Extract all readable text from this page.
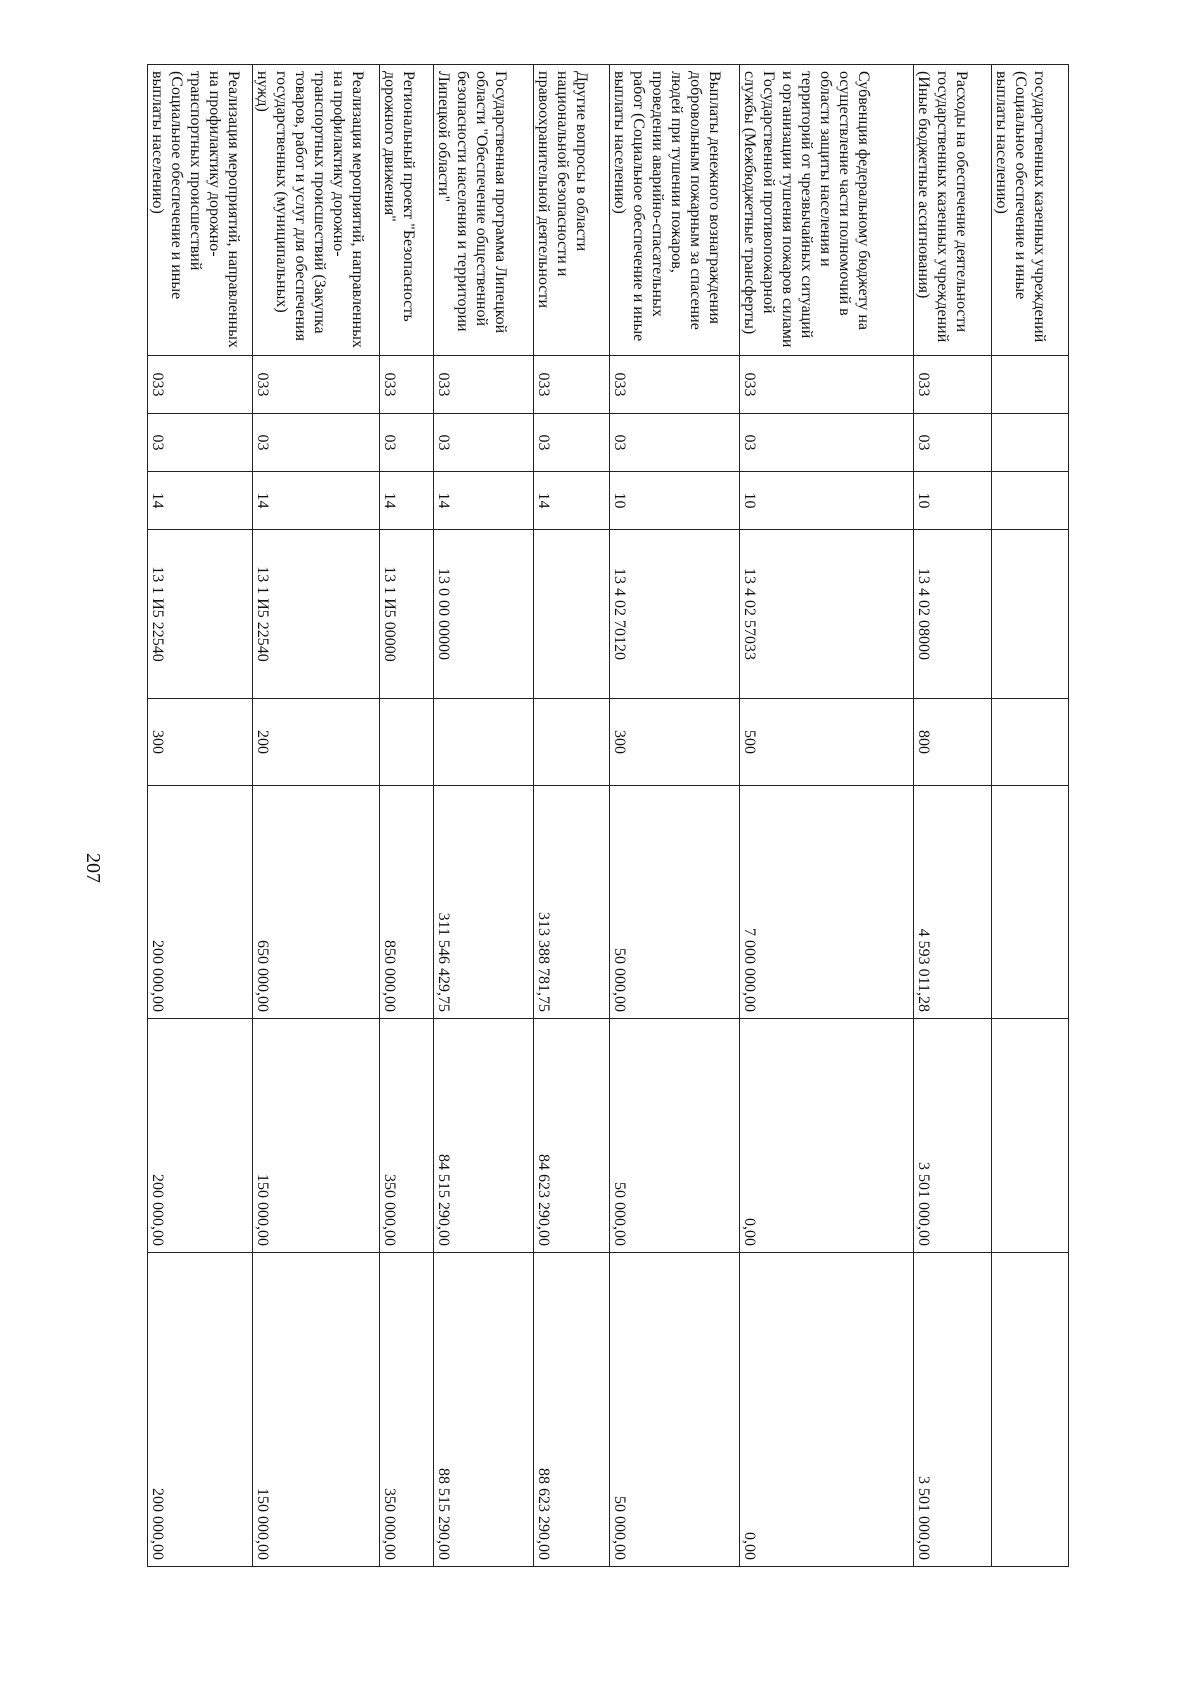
207
государственных казенных учреждений (Социальное обеспечение и иные выплаты населению)								
Расходы на обеспечение деятельности государственных казенных учреждений (Иные бюджетные ассигнования)	033	03	10	13 4 02 08000	800	4 593 011,28	3 501 000,00	3 501 000,00
Субвенция федеральному бюджету на осуществление части полномочий в области защиты населения и территорий от чрезвычайных ситуаций и организации тушения пожаров силами Государственной противопожарной службы (Межбюджетные трансферты)	033	03	10	13 4 02 57033	500	7 000 000,00	0,00	0,00
Выплаты денежного вознаграждения добровольным пожарным за спасение людей при тушении пожаров, проведении аварийно-спасательных работ (Социальное обеспечение и иные выплаты населению)	033	03	10	13 4 02 70120	300	50 000,00	50 000,00	50 000,00
Другие вопросы в области национальной безопасности и правоохранительной деятельности	033	03	14			313 388 781,75	84 623 290,00	88 623 290,00
Государственная программа Липецкой области "Обеспечение общественной безопасности населения и территории Липецкой области"	033	03	14	13 0 00 00000		311 546 429,75	84 515 290,00	88 515 290,00
Региональный проект "Безопасность дорожного движения"	033	03	14	13 1 И5 00000		850 000,00	350 000,00	350 000,00
Реализация мероприятий, направленных на профилактику дорожно-транспортных происшествий (Закупка товаров, работ и услуг для обеспечения государственных (муниципальных) нужд)	033	03	14	13 1 И5 22540	200	650 000,00	150 000,00	150 000,00
Реализация мероприятий, направленных на профилактику дорожно-транспортных происшествий (Социальное обеспечение и иные выплаты населению)	033	03	14	13 1 И5 22540	300	200 000,00	200 000,00	200 000,00
